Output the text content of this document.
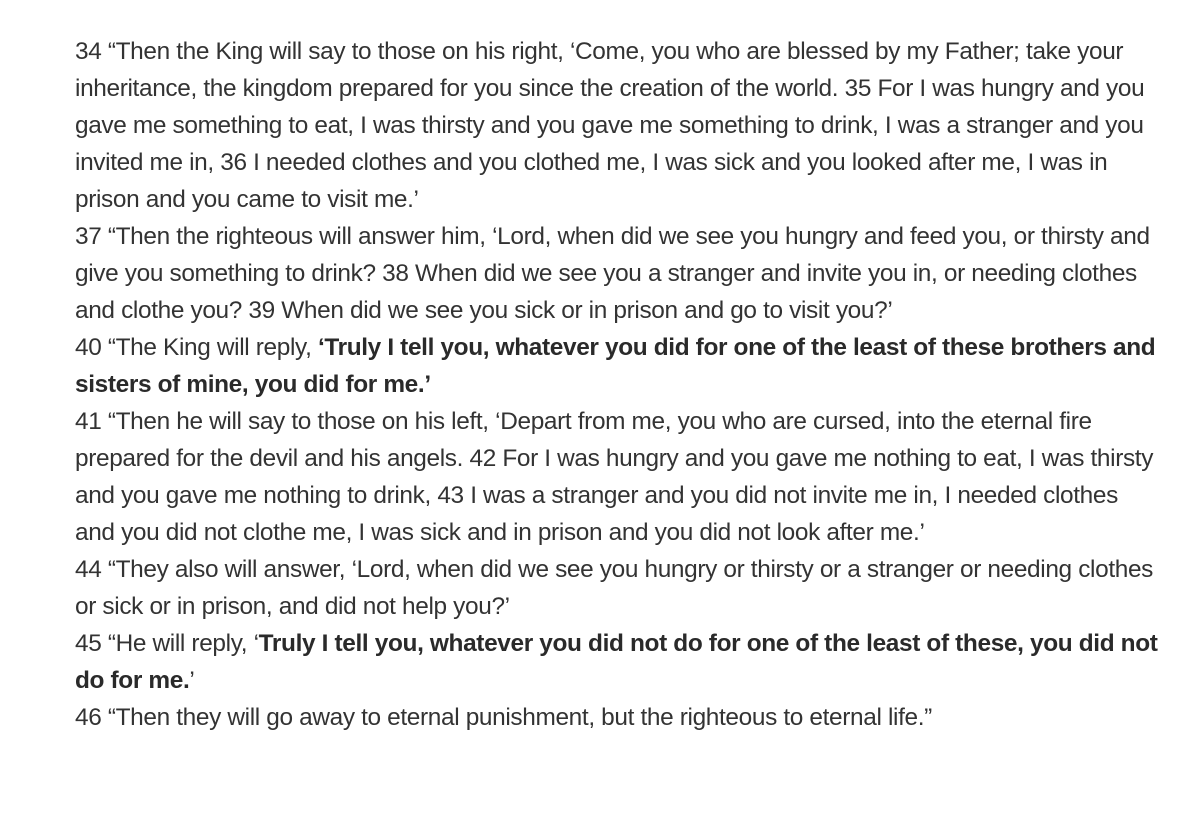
34 “Then the King will say to those on his right, ‘Come, you who are blessed by my Father; take your inheritance, the kingdom prepared for you since the creation of the world. 35 For I was hungry and you gave me something to eat, I was thirsty and you gave me something to drink, I was a stranger and you invited me in, 36 I needed clothes and you clothed me, I was sick and you looked after me, I was in prison and you came to visit me.’

37 “Then the righteous will answer him, ‘Lord, when did we see you hungry and feed you, or thirsty and give you something to drink? 38 When did we see you a stranger and invite you in, or needing clothes and clothe you? 39 When did we see you sick or in prison and go to visit you?’

40 “The King will reply, ‘Truly I tell you, whatever you did for one of the least of these brothers and sisters of mine, you did for me.’

41 “Then he will say to those on his left, ‘Depart from me, you who are cursed, into the eternal fire prepared for the devil and his angels. 42 For I was hungry and you gave me nothing to eat, I was thirsty and you gave me nothing to drink, 43 I was a stranger and you did not invite me in, I needed clothes and you did not clothe me, I was sick and in prison and you did not look after me.’

44 “They also will answer, ‘Lord, when did we see you hungry or thirsty or a stranger or needing clothes or sick or in prison, and did not help you?’

45 “He will reply, ‘Truly I tell you, whatever you did not do for one of the least of these, you did not do for me.’

46 “Then they will go away to eternal punishment, but the righteous to eternal life.”
